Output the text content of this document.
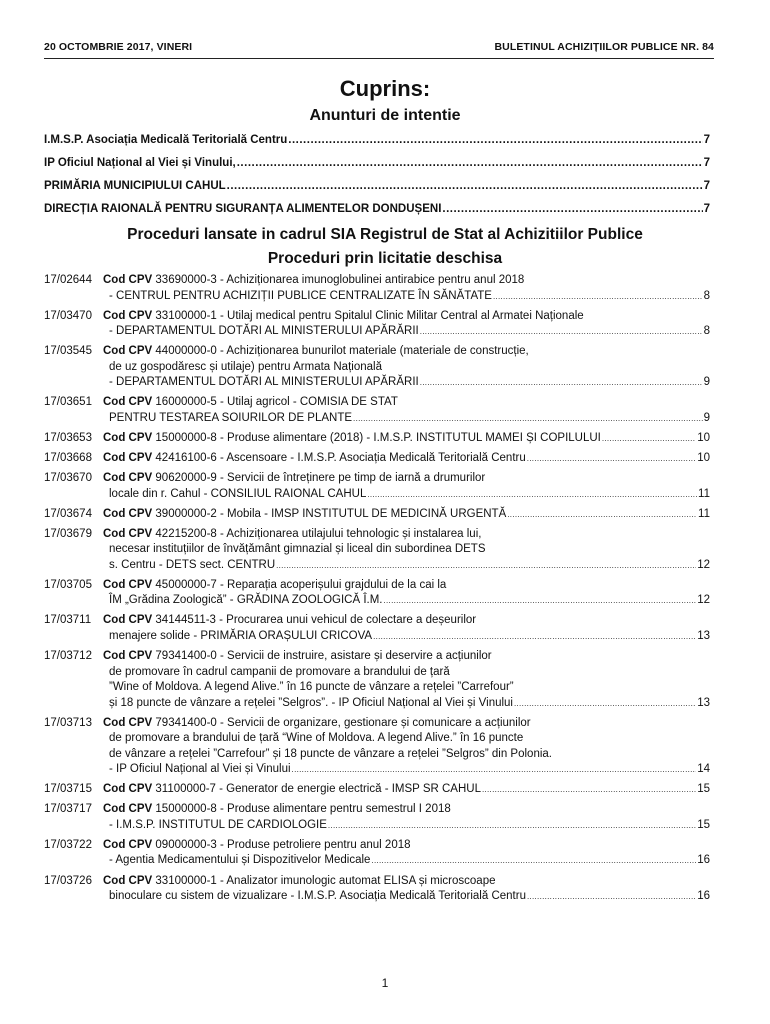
20 OCTOMBRIE 2017, VINERI	BULETINUL ACHIZIȚIILOR PUBLICE NR. 84
Cuprins:
Anunturi de intentie
I.M.S.P. Asociația Medicală Teritorială Centru .....	7
IP Oficiul Național al Viei și Vinului, .....	7
PRIMĂRIA MUNICIPIULUI CAHUL .....	7
DIRECȚIA RAIONALĂ PENTRU SIGURANȚA ALIMENTELOR DONDUȘENI .....	7
Proceduri lansate in cadrul SIA Registrul de Stat al Achizitiilor Publice
Proceduri prin licitatie deschisa
17/02644 Cod CPV 33690000-3 - Achiziționarea imunoglobulinei antirabice pentru anul 2018
- CENTRUL PENTRU ACHIZIȚII PUBLICE CENTRALIZATE ÎN SĂNĂTATE .....	8
17/03470 Cod CPV 33100000-1 - Utilaj medical pentru Spitalul Clinic Militar Central al Armatei Naționale
- DEPARTAMENTUL DOTĂRI AL MINISTERULUI APĂRĂRII .....	8
17/03545 Cod CPV 44000000-0 - Achiziționarea bunurilot materiale (materiale de construcție,
de uz gospodăresc și utilaje) pentru Armata Națională
- DEPARTAMENTUL DOTĂRI AL MINISTERULUI APĂRĂRII .....	9
17/03651 Cod CPV 16000000-5 - Utilaj agricol - COMISIA DE STAT
PENTRU TESTAREA SOIURILOR DE PLANTE .....	9
17/03653 Cod CPV 15000000-8 - Produse alimentare (2018) - I.M.S.P. INSTITUTUL MAMEI ȘI COPILULUI .....	10
17/03668 Cod CPV 42416100-6 - Ascensoare - I.M.S.P. Asociația Medicală Teritorială Centru .....	10
17/03670 Cod CPV 90620000-9 - Servicii de întreținere pe timp de iarnă a drumurilor
locale din r. Cahul - CONSILIUL RAIONAL CAHUL .....	11
17/03674 Cod CPV 39000000-2 - Mobila - IMSP INSTITUTUL DE MEDICINĂ URGENTĂ .....	11
17/03679 Cod CPV 42215200-8 - Achiziționarea utilajului tehnologic și instalarea lui,
necesar instituțiilor de învățământ gimnazial și liceal din subordinea DETS
s. Centru - DETS sect. CENTRU .....	12
17/03705 Cod CPV 45000000-7 - Reparația acoperișului grajdului de la cai la
ÎM „Grădina Zoologică” - GRĂDINA ZOOLOGICĂ Î.M. .....	12
17/03711 Cod CPV 34144511-3 - Procurarea unui vehicul de colectare a deșeurilor
menajere solide - PRIMĂRIA ORAȘULUI CRICOVA .....	13
17/03712 Cod CPV 79341400-0 - Servicii de instruire, asistare și deservire a acțiunilor
de promovare în cadrul campanii de promovare a brandului de țară
”Wine of Moldova. A legend Alive.” în 16 puncte de vânzare a rețelei ”Carrefour”
și 18 puncte de vânzare a rețelei ”Selgros”. - IP Oficiul Național al Viei și Vinului .....	13
17/03713 Cod CPV 79341400-0 - Servicii de organizare, gestionare și comunicare a acțiunilor
de promovare a brandului de țară “Wine of Moldova. A legend Alive.” în 16 puncte
de vânzare a rețelei ”Carrefour” și 18 puncte de vânzare a rețelei ”Selgros” din Polonia.
- IP Oficiul Național al Viei și Vinului .....	14
17/03715 Cod CPV 31100000-7 - Generator de energie electrică - IMSP SR CAHUL .....	15
17/03717 Cod CPV 15000000-8 - Produse alimentare pentru semestrul I 2018
- I.M.S.P. INSTITUTUL DE CARDIOLOGIE .....	15
17/03722 Cod CPV 09000000-3 - Produse petroliere pentru anul 2018
- Agentia Medicamentului și Dispozitivelor Medicale .....	16
17/03726 Cod CPV 33100000-1 - Analizator imunologic automat ELISA și microscoape
binoculare cu sistem de vizualizare - I.M.S.P. Asociația Medicală Teritorială Centru .....	16
1
